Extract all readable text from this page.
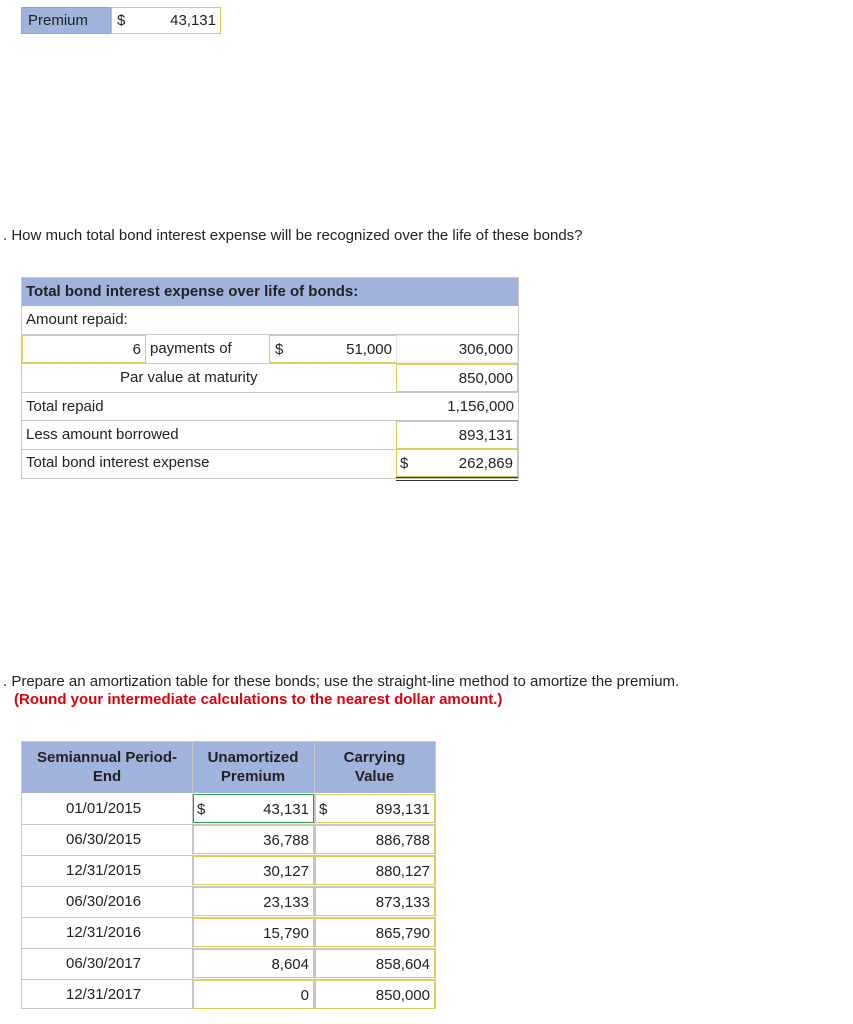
Premium $	43,131
. How much total bond interest expense will be recognized over the life of these bonds?
Total bond interest expense over life of bonds:
Amount repaid:
6 payments of	$	51,000	306,000
Par value at maturity	850,000
Total repaid	1,156,000
Less amount borrowed	893,131
Total bond interest expense	$	262,869
. Prepare an amortization table for these bonds; use the straight-line method to amortize the premium.
(Round your intermediate calculations to the nearest dollar amount.)
Semiannual Period-End
Unamortized Premium
Carrying Value
01/01/2015	$	43,131 $	893,131
06/30/2015	36,788	886,788
12/31/2015	30,127	880,127
06/30/2016	23,133	873,133
12/31/2016	15,790	865,790
06/30/2017	8,604	858,604
12/31/2017	0	850,000
